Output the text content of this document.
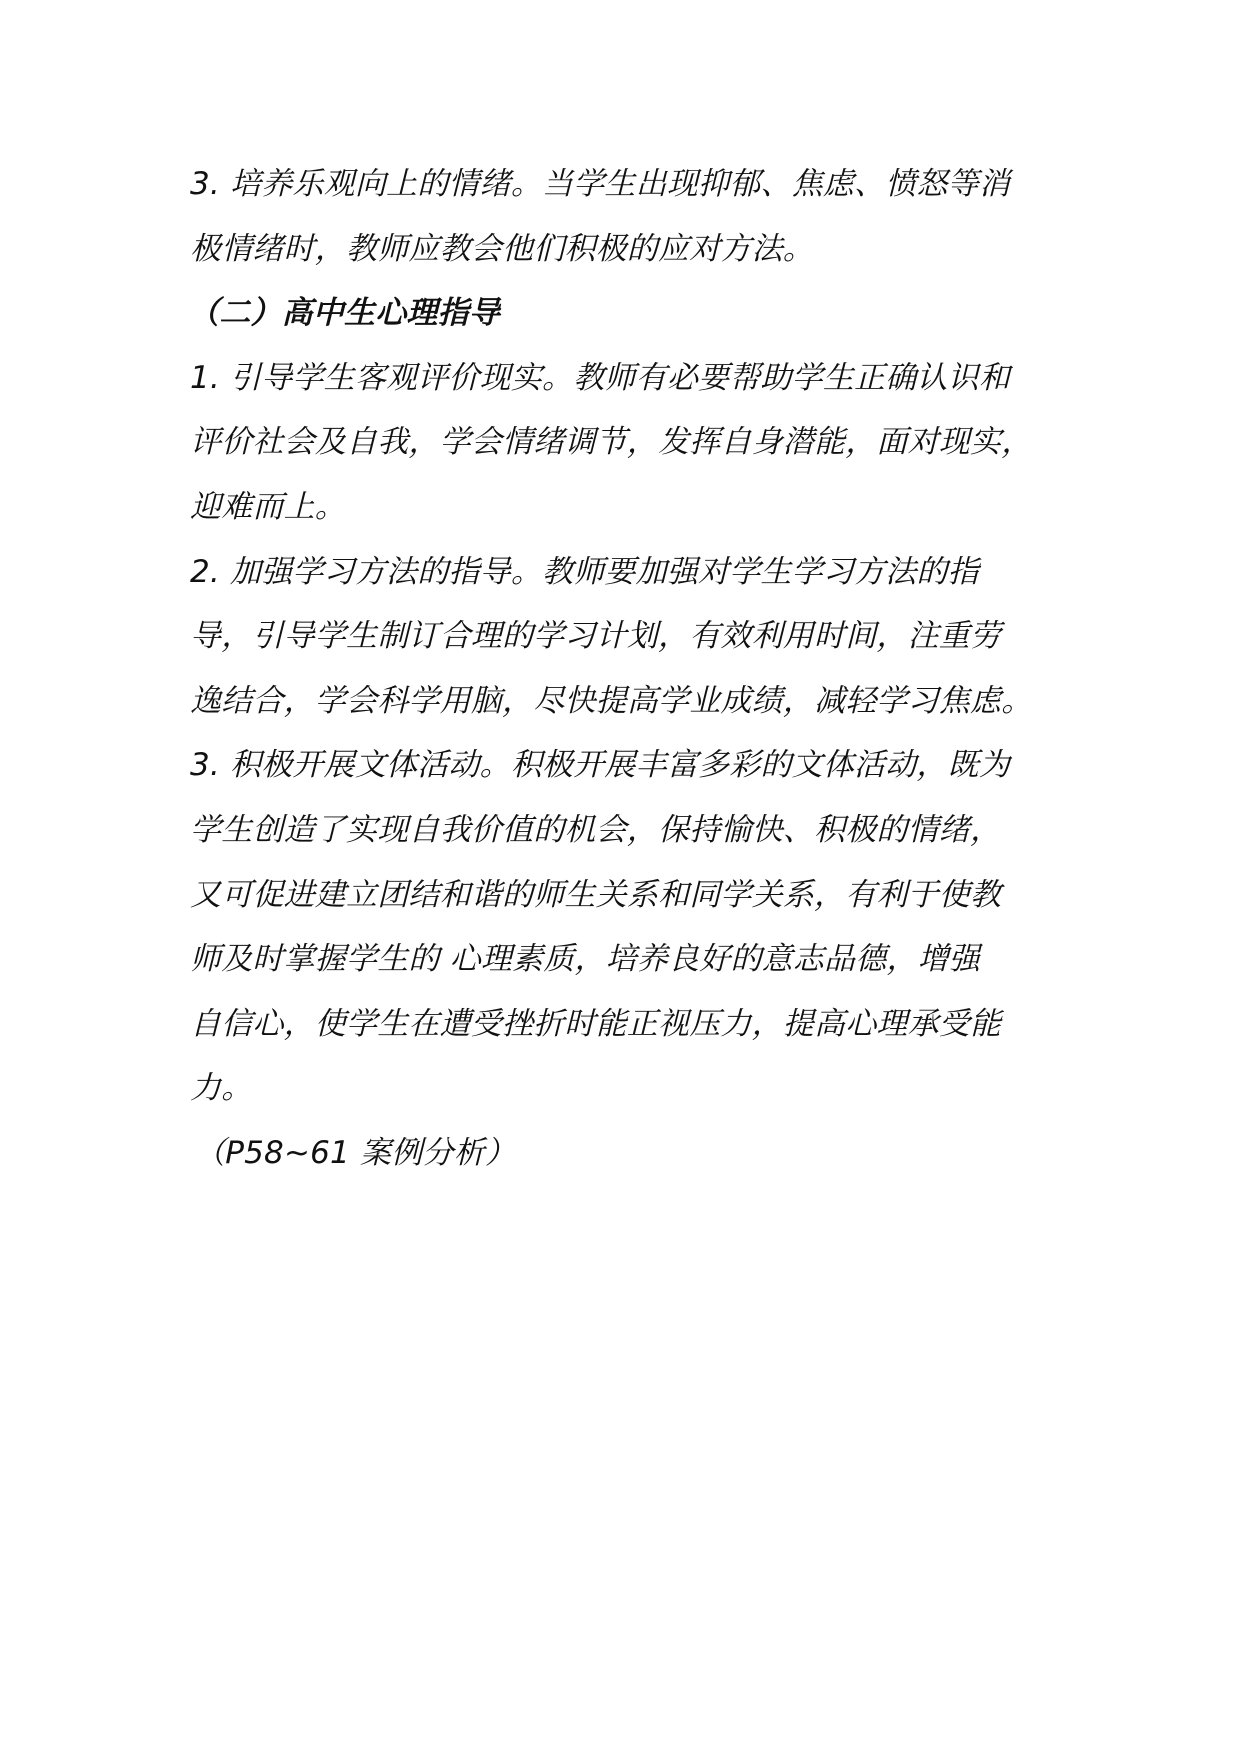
3. 培养乐观向上的情绪。当学生出现抑郁、焦虑、愤怒等消
极情绪时，教师应教会他们积极的应对方法。
（二）高中生心理指导
1. 引导学生客观评价现实。教师有必要帮助学生正确认识和
评价社会及自我，学会情绪调节，发挥自身潜能，面对现实，
迎难而上。
2. 加强学习方法的指导。教师要加强对学生学习方法的指
导，引导学生制订合理的学习计划，有效利用时间，注重劳
逸结合，学会科学用脑，尽快提高学业成绩，减轻学习焦虑。
3. 积极开展文体活动。积极开展丰富多彩的文体活动，既为
学生创造了实现自我价值的机会，保持愉快、积极的情绪，
又可促进建立团结和谐的师生关系和同学关系，有利于使教
师及时掌握学生的 心理素质，培养良好的意志品德，增强
自信心，使学生在遭受挫折时能正视压力，提高心理承受能
力。
（P58~61 案例分析）
